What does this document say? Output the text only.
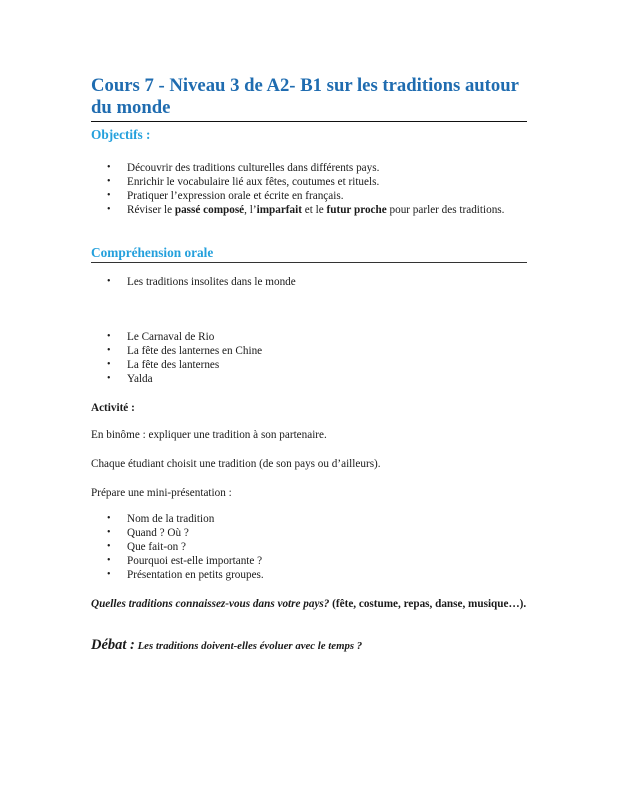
Cours 7 - Niveau 3 de A2- B1 sur les traditions autour du monde
Objectifs :
• Découvrir des traditions culturelles dans différents pays.
• Enrichir le vocabulaire lié aux fêtes, coutumes et rituels.
• Pratiquer l’expression orale et écrite en français.
• Réviser le passé composé, l’imparfait et le futur proche pour parler des traditions.
Compréhension orale
• Les traditions insolites dans le monde
• Le Carnaval de Rio
• La fête des lanternes en Chine
• La fête des lanternes
• Yalda

Activité :

En binôme : expliquer une tradition à son partenaire.

Chaque étudiant choisit une tradition (de son pays ou d’ailleurs).

Prépare une mini-présentation :

• Nom de la tradition
• Quand ? Où ?
• Que fait-on ?
• Pourquoi est-elle importante ?
• Présentation en petits groupes.

Quelles traditions connaissez-vous dans votre pays? (fête, costume, repas, danse, musique…).

Débat : Les traditions doivent-elles évoluer avec le temps ?
